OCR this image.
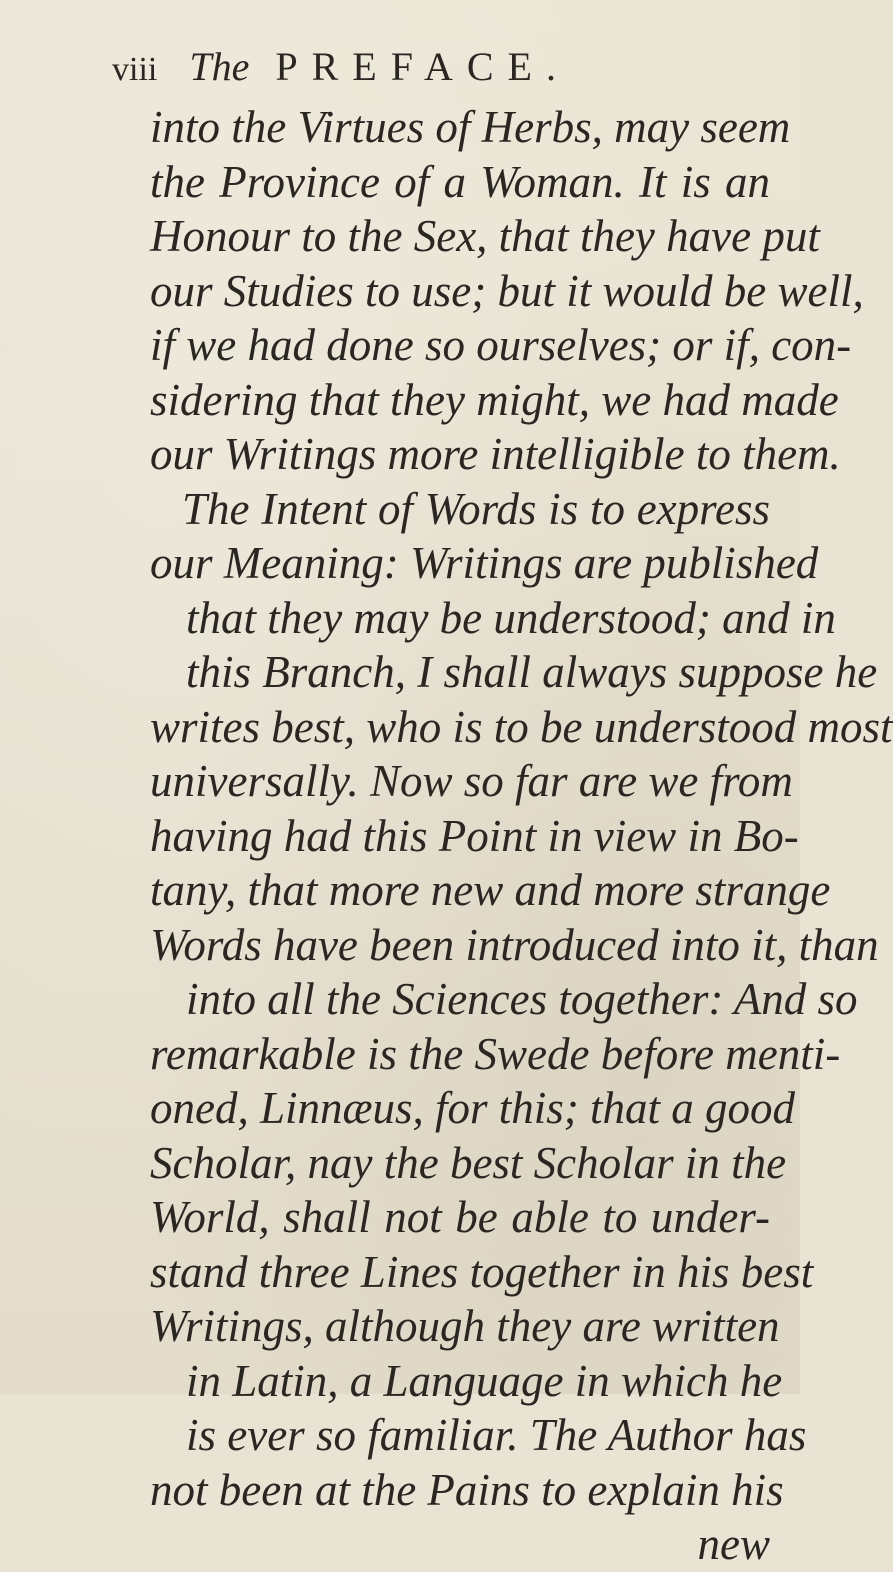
viii The PREFACE.
into the Virtues of Herbs, may seem
the Province of a Woman. It is an
Honour to the Sex, that they have put
our Studies to use; but it would be well,
if we had done so ourselves; or if, con-
sidering that they might, we had made
our Writings more intelligible to them.
The Intent of Words is to express
our Meaning: Writings are published
that they may be understood; and in
this Branch, I shall always suppose he
writes best, who is to be understood most
universally. Now so far are we from
having had this Point in view in Bo-
tany, that more new and more strange
Words have been introduced into it, than
into all the Sciences together: And so
remarkable is the Swede before menti-
oned, Linnæus, for this; that a good
Scholar, nay the best Scholar in the
World, shall not be able to under-
stand three Lines together in his best
Writings, although they are written
in Latin, a Language in which he
is ever so familiar. The Author has
not been at the Pains to explain his
new
